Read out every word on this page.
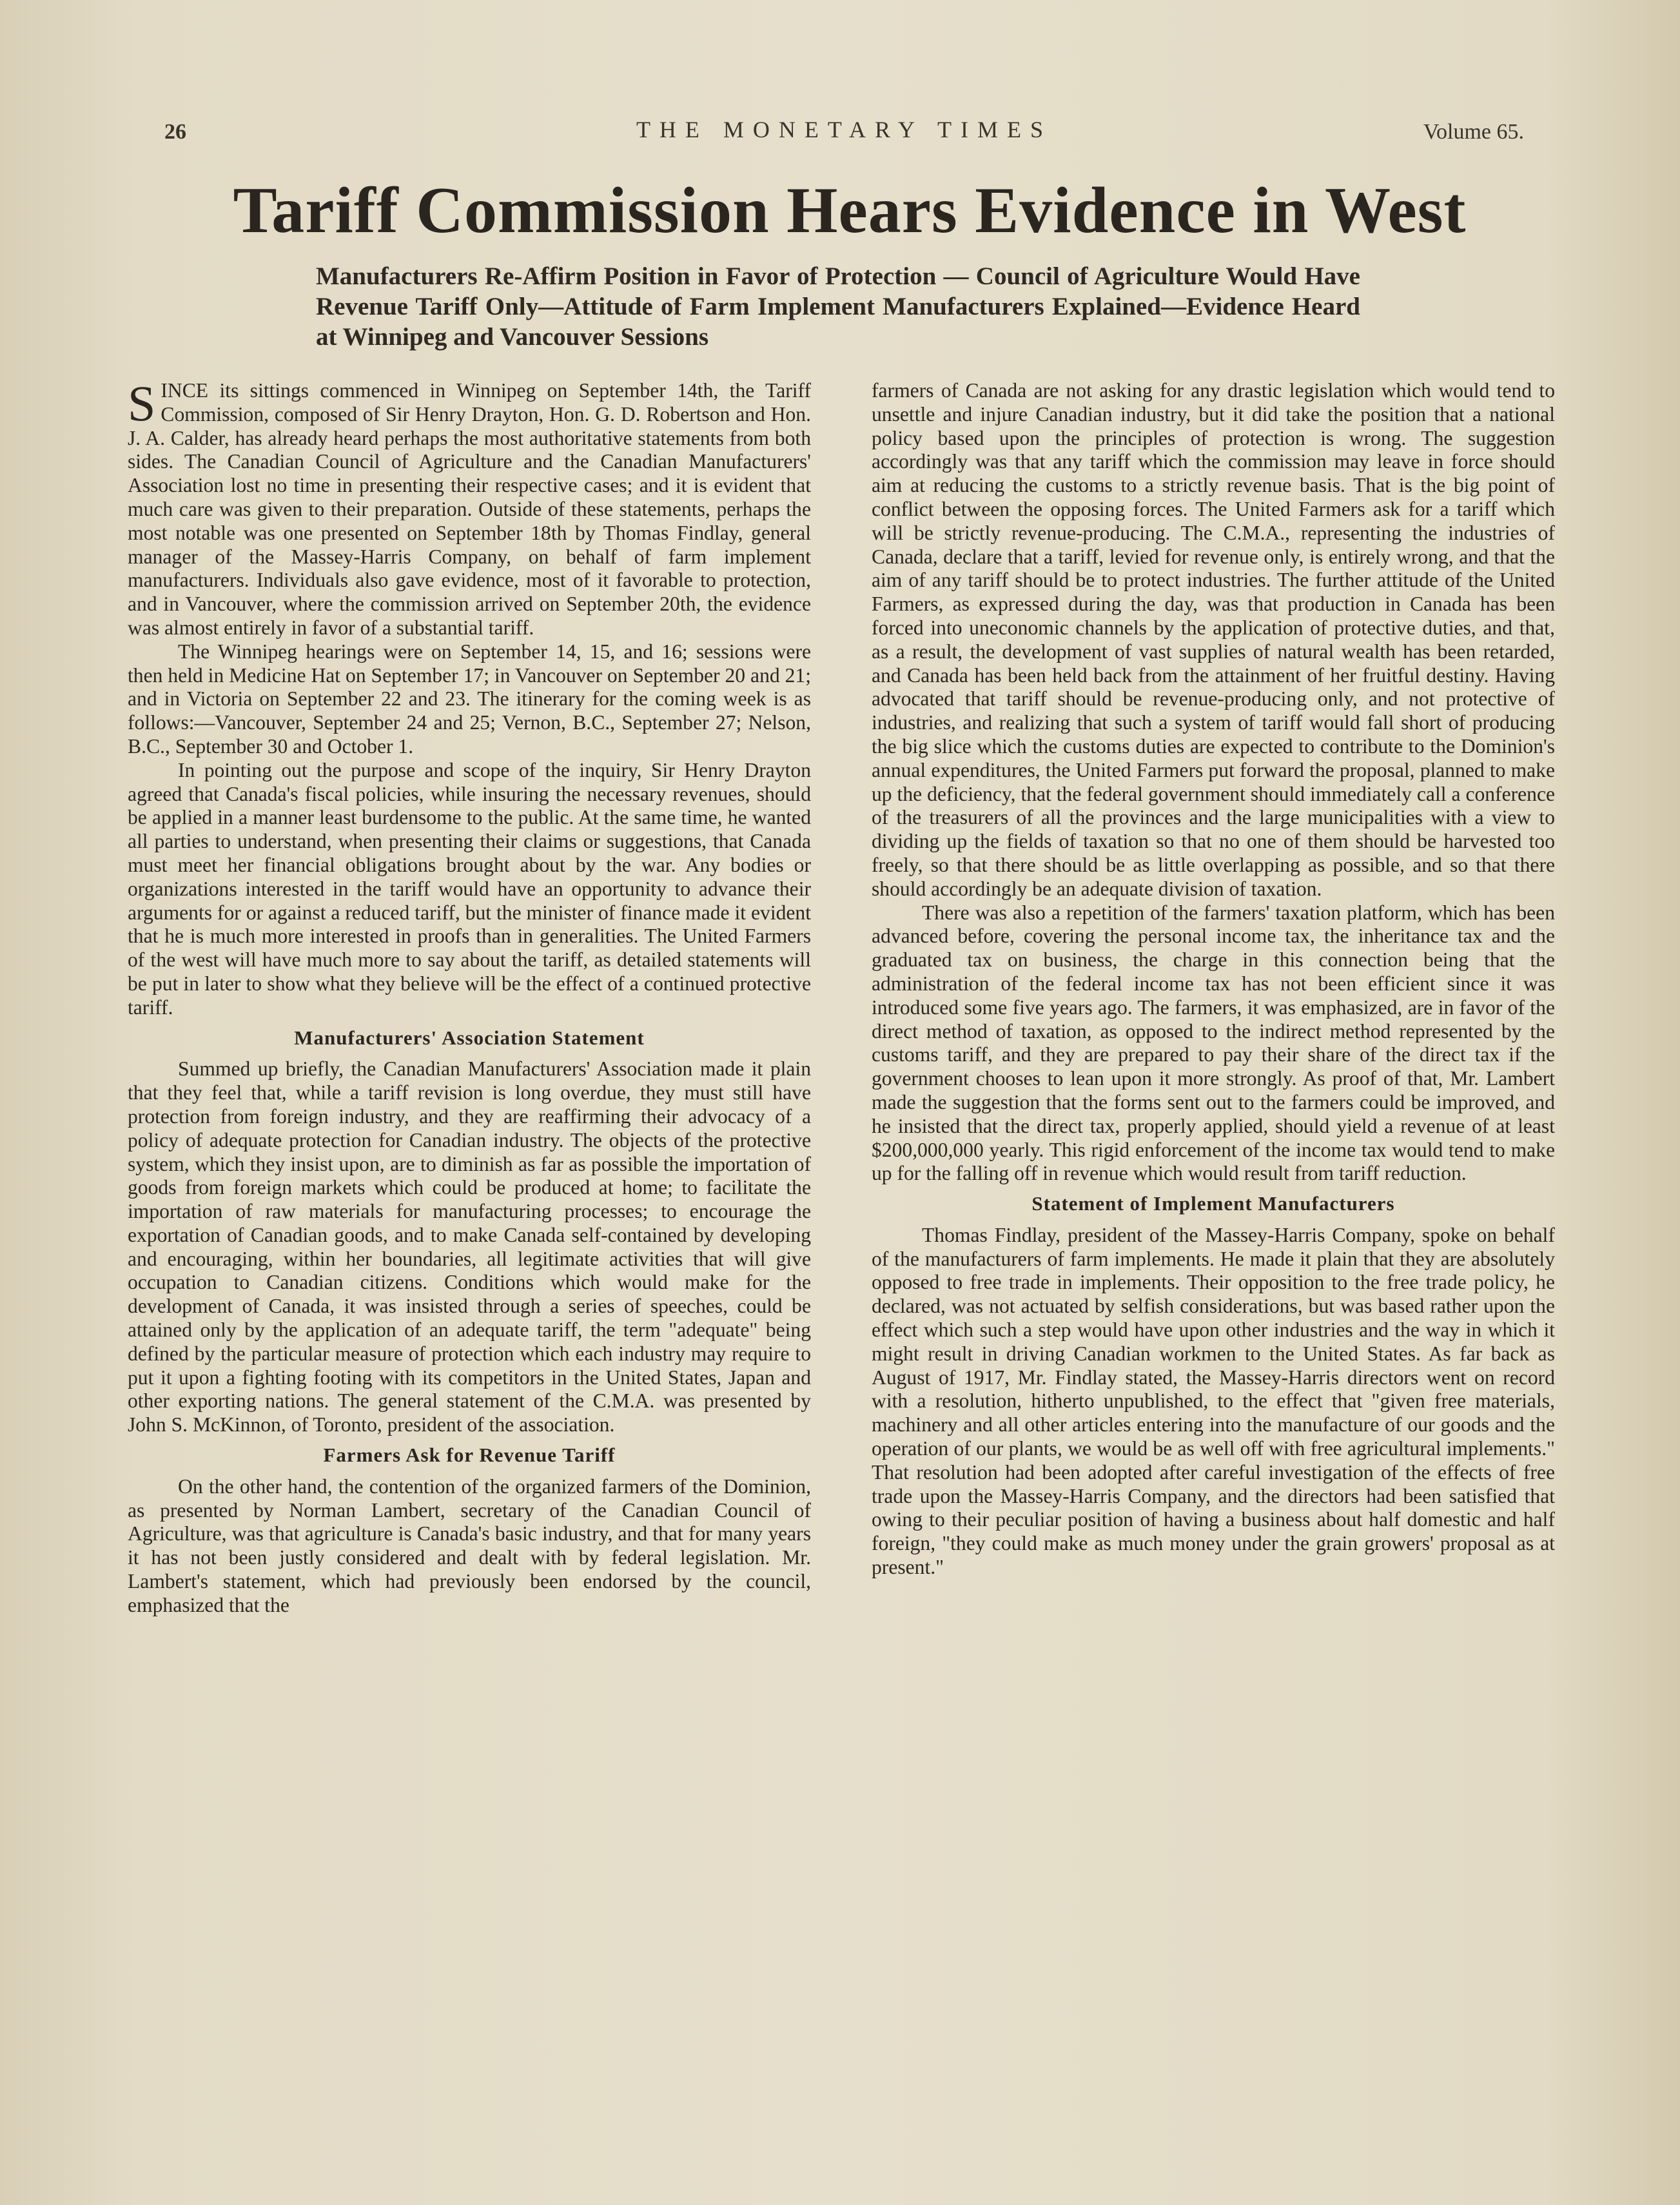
26	THE MONETARY TIMES	Volume 65.
Tariff Commission Hears Evidence in West

Manufacturers Re-Affirm Position in Favor of Protection — Council of Agriculture Would Have Revenue Tariff Only—Attitude of Farm Implement Manufacturers Explained—Evidence Heard at Winnipeg and Vancouver Sessions

SINCE its sittings commenced in Winnipeg on September 14th, the Tariff Commission, composed of Sir Henry Drayton, Hon. G. D. Robertson and Hon. J. A. Calder, has already heard perhaps the most authoritative statements from both sides. The Canadian Council of Agriculture and the Canadian Manufacturers' Association lost no time in presenting their respective cases; and it is evident that much care was given to their preparation. Outside of these statements, perhaps the most notable was one presented on September 18th by Thomas Findlay, general manager of the Massey-Harris Company, on behalf of farm implement manufacturers. Individuals also gave evidence, most of it favorable to protection, and in Vancouver, where the commission arrived on September 20th, the evidence was almost entirely in favor of a substantial tariff.

The Winnipeg hearings were on September 14, 15, and 16; sessions were then held in Medicine Hat on September 17; in Vancouver on September 20 and 21; and in Victoria on September 22 and 23. The itinerary for the coming week is as follows:—Vancouver, September 24 and 25; Vernon, B.C., September 27; Nelson, B.C., September 30 and October 1.

In pointing out the purpose and scope of the inquiry, Sir Henry Drayton agreed that Canada's fiscal policies, while insuring the necessary revenues, should be applied in a manner least burdensome to the public. At the same time, he wanted all parties to understand, when presenting their claims or suggestions, that Canada must meet her financial obligations brought about by the war. Any bodies or organizations interested in the tariff would have an opportunity to advance their arguments for or against a reduced tariff, but the minister of finance made it evident that he is much more interested in proofs than in generalities. The United Farmers of the west will have much more to say about the tariff, as detailed statements will be put in later to show what they believe will be the effect of a continued protective tariff.

Manufacturers' Association Statement

Summed up briefly, the Canadian Manufacturers' Association made it plain that they feel that, while a tariff revision is long overdue, they must still have protection from foreign industry, and they are reaffirming their advocacy of a policy of adequate protection for Canadian industry. The objects of the protective system, which they insist upon, are to diminish as far as possible the importation of goods from foreign markets which could be produced at home; to facilitate the importation of raw materials for manufacturing processes; to encourage the exportation of Canadian goods, and to make Canada self-contained by developing and encouraging, within her boundaries, all legitimate activities that will give occupation to Canadian citizens. Conditions which would make for the development of Canada, it was insisted through a series of speeches, could be attained only by the application of an adequate tariff, the term "adequate" being defined by the particular measure of protection which each industry may require to put it upon a fighting footing with its competitors in the United States, Japan and other exporting nations. The general statement of the C.M.A. was presented by John S. McKinnon, of Toronto, president of the association.

Farmers Ask for Revenue Tariff

On the other hand, the contention of the organized farmers of the Dominion, as presented by Norman Lambert, secretary of the Canadian Council of Agriculture, was that agriculture is Canada's basic industry, and that for many years it has not been justly considered and dealt with by federal legislation. Mr. Lambert's statement, which had previously been endorsed by the council, emphasized that the

farmers of Canada are not asking for any drastic legislation which would tend to unsettle and injure Canadian industry, but it did take the position that a national policy based upon the principles of protection is wrong. The suggestion accordingly was that any tariff which the commission may leave in force should aim at reducing the customs to a strictly revenue basis. That is the big point of conflict between the opposing forces. The United Farmers ask for a tariff which will be strictly revenue-producing. The C.M.A., representing the industries of Canada, declare that a tariff, levied for revenue only, is entirely wrong, and that the aim of any tariff should be to protect industries. The further attitude of the United Farmers, as expressed during the day, was that production in Canada has been forced into uneconomic channels by the application of protective duties, and that, as a result, the development of vast supplies of natural wealth has been retarded, and Canada has been held back from the attainment of her fruitful destiny. Having advocated that tariff should be revenue-producing only, and not protective of industries, and realizing that such a system of tariff would fall short of producing the big slice which the customs duties are expected to contribute to the Dominion's annual expenditures, the United Farmers put forward the proposal, planned to make up the deficiency, that the federal government should immediately call a conference of the treasurers of all the provinces and the large municipalities with a view to dividing up the fields of taxation so that no one of them should be harvested too freely, so that there should be as little overlapping as possible, and so that there should accordingly be an adequate division of taxation.

There was also a repetition of the farmers' taxation platform, which has been advanced before, covering the personal income tax, the inheritance tax and the graduated tax on business, the charge in this connection being that the administration of the federal income tax has not been efficient since it was introduced some five years ago. The farmers, it was emphasized, are in favor of the direct method of taxation, as opposed to the indirect method represented by the customs tariff, and they are prepared to pay their share of the direct tax if the government chooses to lean upon it more strongly. As proof of that, Mr. Lambert made the suggestion that the forms sent out to the farmers could be improved, and he insisted that the direct tax, properly applied, should yield a revenue of at least $200,000,000 yearly. This rigid enforcement of the income tax would tend to make up for the falling off in revenue which would result from tariff reduction.

Statement of Implement Manufacturers

Thomas Findlay, president of the Massey-Harris Company, spoke on behalf of the manufacturers of farm implements. He made it plain that they are absolutely opposed to free trade in implements. Their opposition to the free trade policy, he declared, was not actuated by selfish considerations, but was based rather upon the effect which such a step would have upon other industries and the way in which it might result in driving Canadian workmen to the United States. As far back as August of 1917, Mr. Findlay stated, the Massey-Harris directors went on record with a resolution, hitherto unpublished, to the effect that "given free materials, machinery and all other articles entering into the manufacture of our goods and the operation of our plants, we would be as well off with free agricultural implements." That resolution had been adopted after careful investigation of the effects of free trade upon the Massey-Harris Company, and the directors had been satisfied that owing to their peculiar position of having a business about half domestic and half foreign, "they could make as much money under the grain growers' proposal as at present."
